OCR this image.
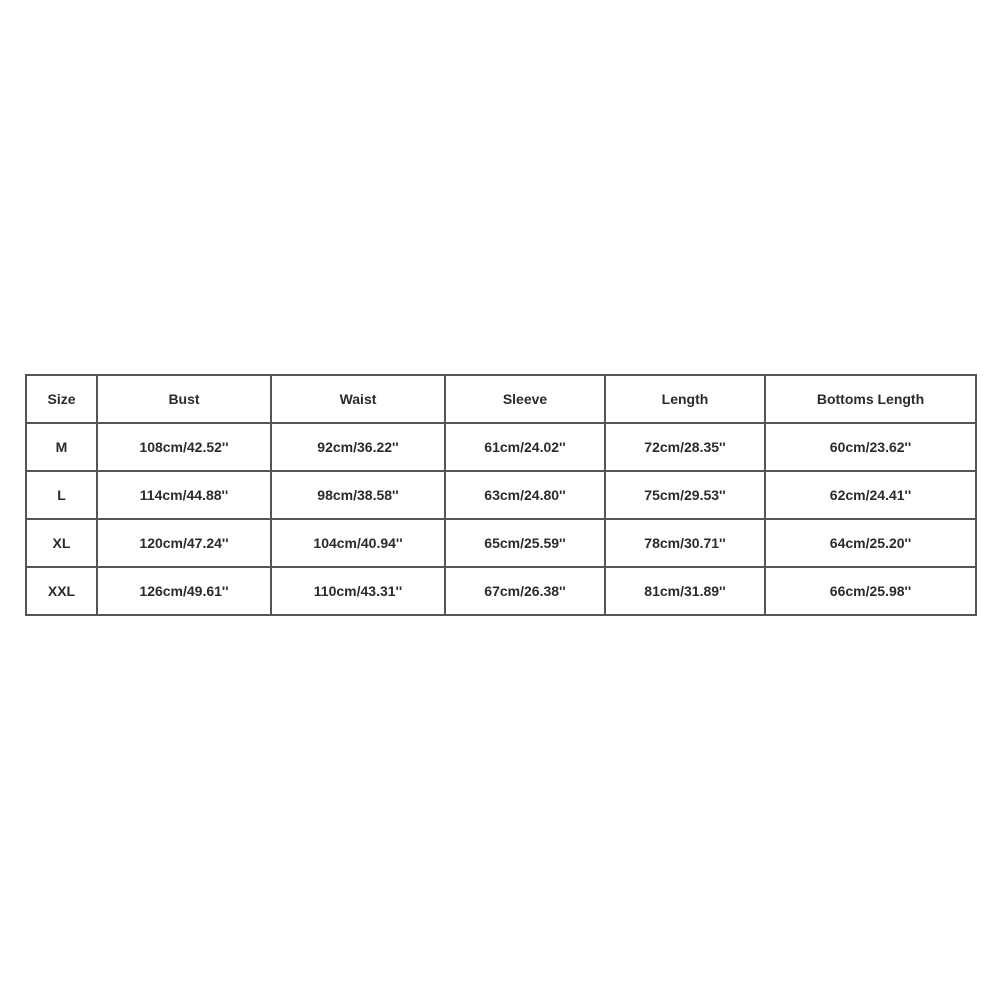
Size	Bust	Waist	Sleeve	Length	Bottoms Length
M	108cm/42.52''	92cm/36.22''	61cm/24.02''	72cm/28.35''	60cm/23.62''
L	114cm/44.88''	98cm/38.58''	63cm/24.80''	75cm/29.53''	62cm/24.41''
XL	120cm/47.24''	104cm/40.94''	65cm/25.59''	78cm/30.71''	64cm/25.20''
XXL	126cm/49.61''	110cm/43.31''	67cm/26.38''	81cm/31.89''	66cm/25.98''
